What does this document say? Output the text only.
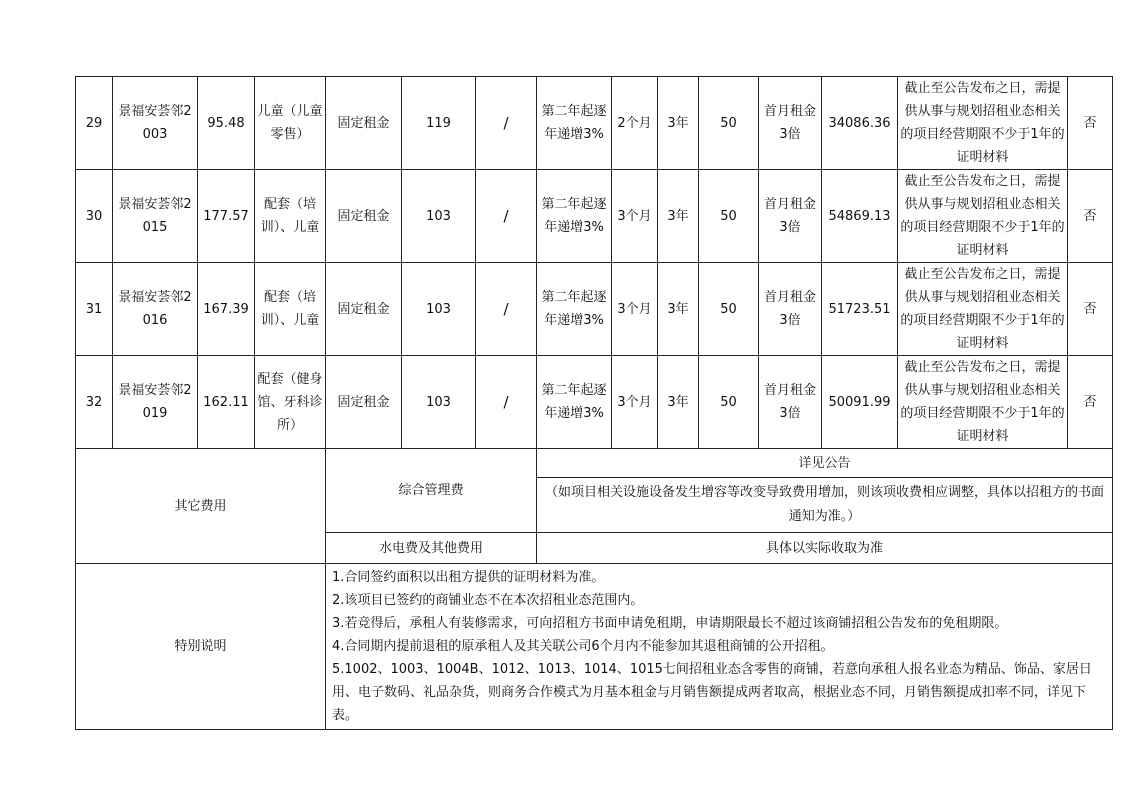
29	景福安荟邻2003	95.48	儿童（儿童零售）	固定租金	119	/	第二年起逐年递增3%	2个月	3年	50	首月租金3倍	34086.36	截止至公告发布之日，需提供从事与规划招租业态相关的项目经营期限不少于1年的证明材料	否
30	景福安荟邻2015	177.57	配套（培训）、儿童	固定租金	103	/	第二年起逐年递增3%	3个月	3年	50	首月租金3倍	54869.13	截止至公告发布之日，需提供从事与规划招租业态相关的项目经营期限不少于1年的证明材料	否
31	景福安荟邻2016	167.39	配套（培训）、儿童	固定租金	103	/	第二年起逐年递增3%	3个月	3年	50	首月租金3倍	51723.51	截止至公告发布之日，需提供从事与规划招租业态相关的项目经营期限不少于1年的证明材料	否
32	景福安荟邻2019	162.11	配套（健身馆、牙科诊所）	固定租金	103	/	第二年起逐年递增3%	3个月	3年	50	首月租金3倍	50091.99	截止至公告发布之日，需提供从事与规划招租业态相关的项目经营期限不少于1年的证明材料	否
其它费用				综合管理费			详见公告							
							（如项目相关设施设备发生增容等改变导致费用增加，则该项收费相应调整，具体以招租方的书面通知为准。）							
				水电费及其他费用			具体以实际收取为准							
特别说明				1.合同签约面积以出租方提供的证明材料为准。
2.该项目已签约的商铺业态不在本次招租业态范围内。
3.若竞得后，承租人有装修需求，可向招租方书面申请免租期，申请期限最长不超过该商铺招租公告发布的免租期限。
4.合同期内提前退租的原承租人及其关联公司6个月内不能参加其退租商铺的公开招租。
5.1002、1003、1004B、1012、1013、1014、1015七间招租业态含零售的商铺，若意向承租人报名业态为精品、饰品、家居日用、电子数码、礼品杂货，则商务合作模式为月基本租金与月销售额提成两者取高，根据业态不同，月销售额提成扣率不同，详见下表。										
